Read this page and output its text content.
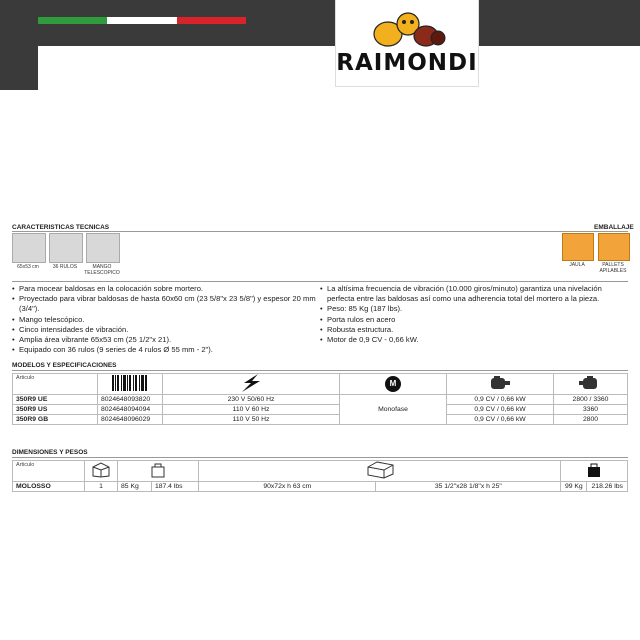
RAIMONDI
CARACTERISTICAS TECNICAS	EMBALLAJE
65x53 cm	36 RULOS	MANGO TELESCOPICO
JAULA	PALLETS APILABLES
• Para mocear baldosas en la colocación sobre mortero.
• Proyectado para vibrar baldosas de hasta 60x60 cm (23 5/8"x 23 5/8") y espesor 20 mm (3/4").
• Mango telescópico.
• Cinco intensidades de vibración.
• Amplia área vibrante 65x53 cm (25 1/2"x 21).
• Equipado con 36 rulos (9 series de 4 rulos Ø 55 mm - 2").
• La altísima frecuencia de vibración (10.000 giros/minuto) garantiza una nivelación perfecta entre las baldosas así como una adherencia total del mortero a la pieza.
• Peso: 85 Kg (187 lbs).
• Porta rulos en acero
• Robusta estructura.
• Motor de 0,9 CV - 0,66 kW.
MODELOS Y ESPECIFICACIONES
Articulo			M		
350R9 UE	8024648093820	230 V 50/60 Hz	Monofase	0,9 CV / 0,66 kW	2800 / 3360
350R9 US	8024648094094	110 V 60 Hz		0,9 CV / 0,66 kW	3360
350R9 GB	8024648096029	110 V 50 Hz		0,9 CV / 0,66 kW	2800
DIMENSIONES Y PESOS
Articulo				
MOLOSSO	1	85 Kg	187.4 lbs	90x72x h 63 cm	35 1/2"x28 1/8"x h 25"	99 Kg	218.26 lbs
